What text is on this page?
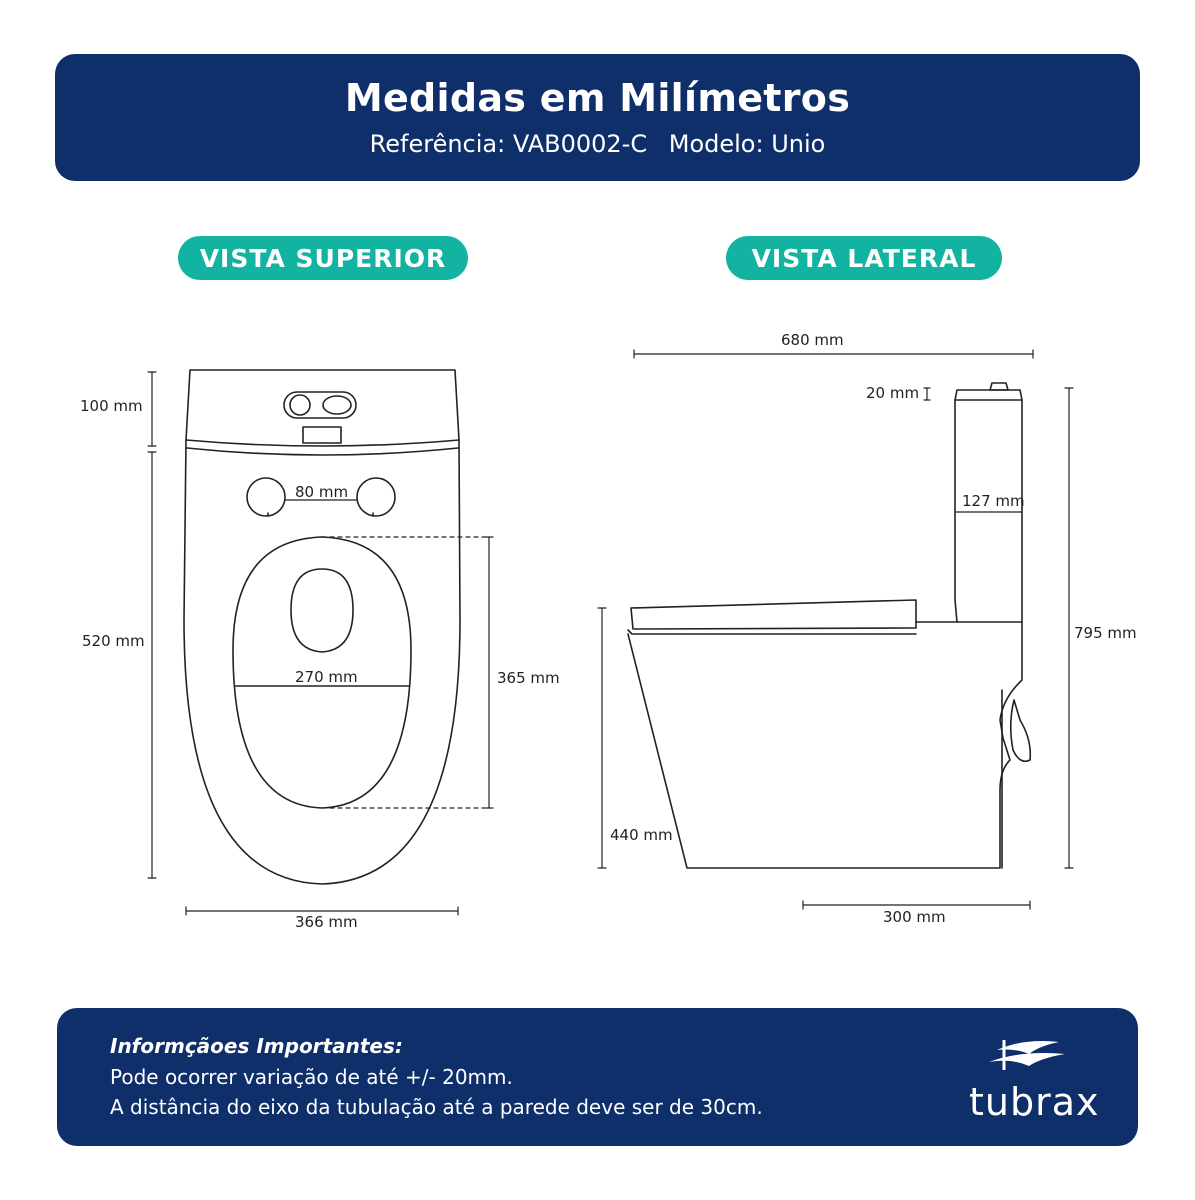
Medidas em Milímetros
Referência: VAB0002-C Modelo: Unio
VISTA SUPERIOR	VISTA LATERAL
100 mm
520 mm
80 mm
270 mm	365 mm
366 mm
680 mm
20 mm
127 mm
795 mm
440 mm
300 mm
Informçãoes Importantes:
Pode ocorrer variação de até +/- 20mm.
A distância do eixo da tubulação até a parede deve ser de 30cm.	tubrax
